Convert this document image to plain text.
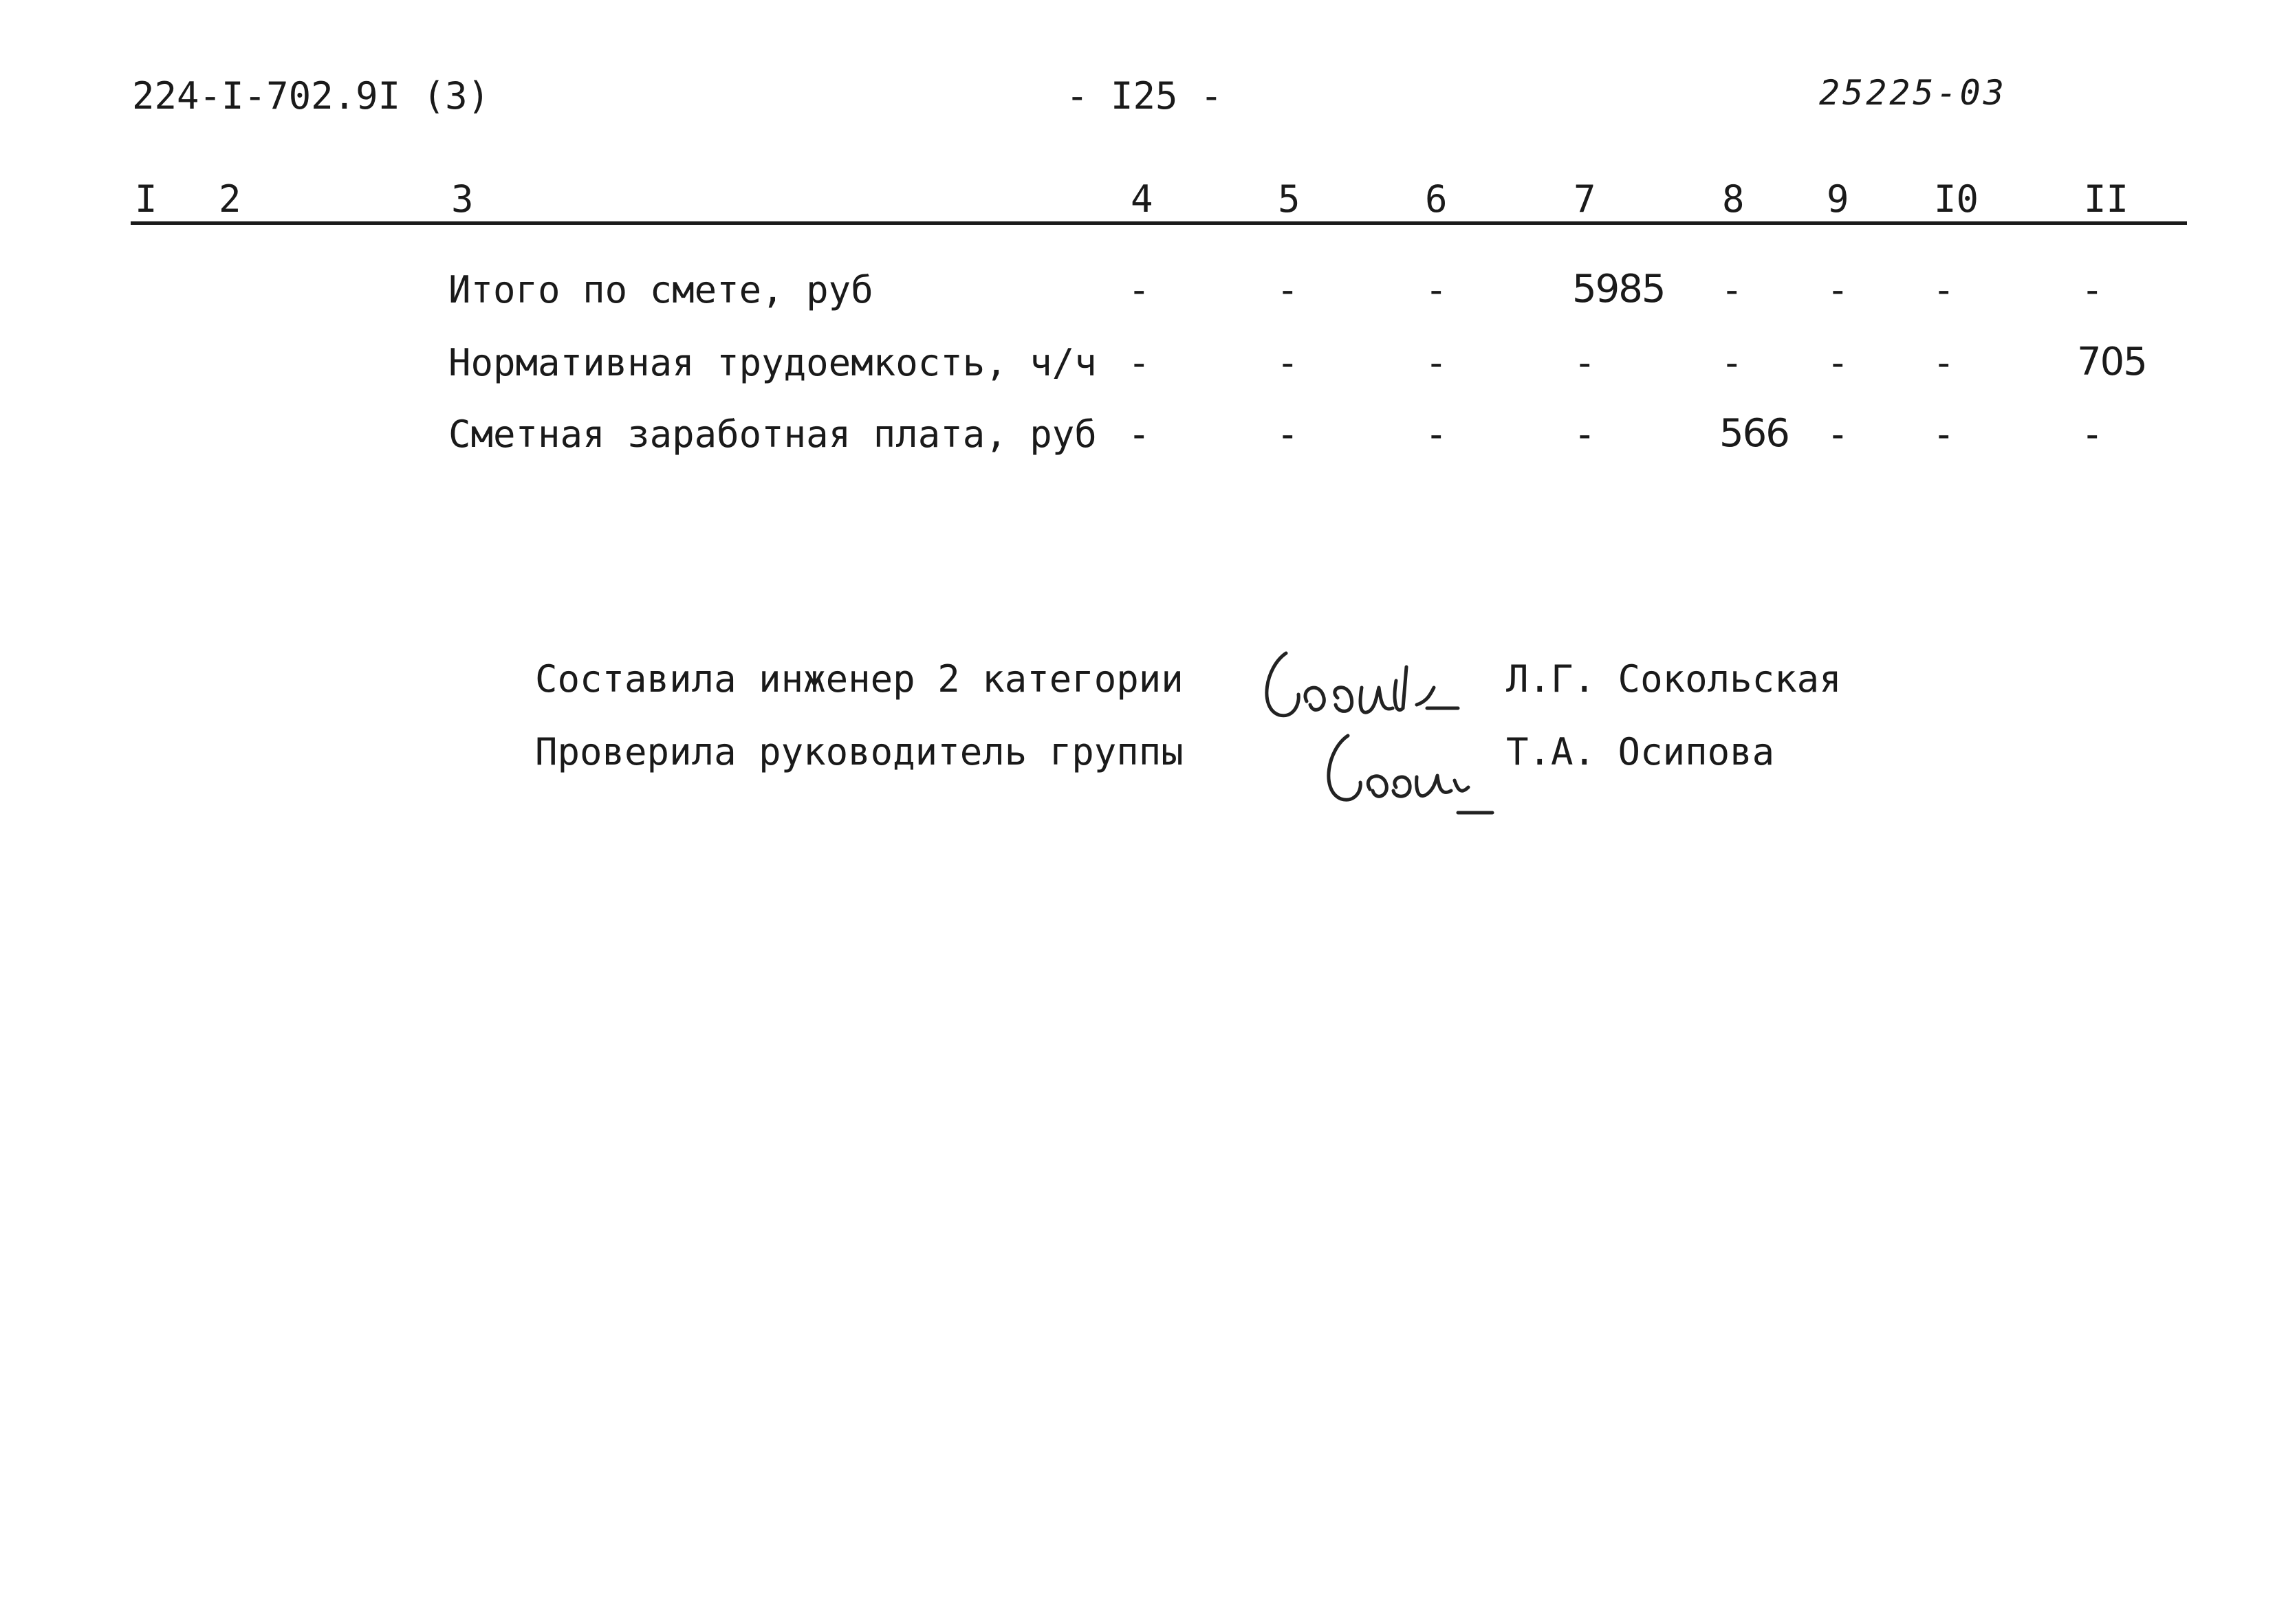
224-I-702.9I (3)	- I25 -	25225-03
I 2	3	4	5	6	7	8 9 I0	II
Итого по смете, руб	-	-	-	5985 - - -	-
Нормативная трудоемкость, ч/ч -	-	-	-	- - -	705
Сметная заработная плата, руб -	-	-	-	566 - -	-
Составила инженер 2 категории	Л.Г. Сокольская
Проверила руководитель группы	Т.А. Осипова
